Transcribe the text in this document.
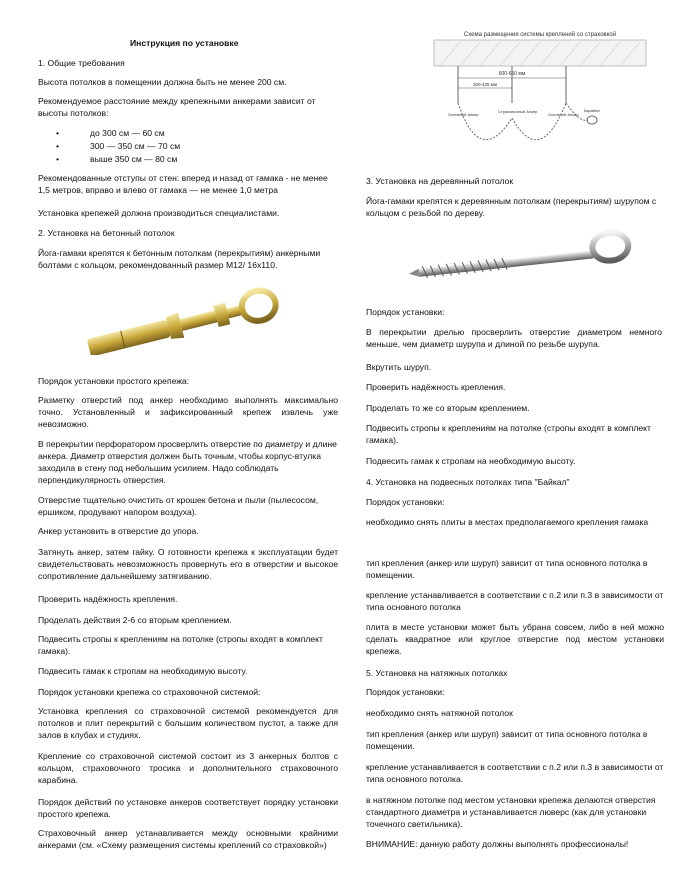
Инструкция по установке
1. Общие требования
Высота потолков в помещении должна быть не менее 200 см.
Рекомендуемое расстояние между крепежными анкерами зависит от высоты потолков:
• до 300 см — 60 см
• 300 — 350 см — 70 см
• выше 350 см — 80 см
Рекомендованные отступы от стен: вперед и назад от гамака - не менее 1,5 метров, вправо и влево от гамака — не менее 1,0 метра
Установка крепежей должна производиться специалистами.
2. Установка на бетонный потолок
Йога-гамаки крепятся к бетонным потолкам (перекрытиям) анкерными болтами с кольцом, рекомендованный размер М12/ 16х110.
Порядок установки простого крепежа:
Разметку отверстий под анкер необходимо выполнять максимально точно. Установленный и зафиксированный крепеж извлечь уже невозможно.
В перекрытии перфоратором просверлить отверстие по диаметру и длине анкера. Диаметр отверстия должен быть точным, чтобы корпус-втулка заходила в стену под небольшим усилием. Надо соблюдать перпендикулярность отверстия.
Отверстие тщательно очистить от крошек бетона и пыли (пылесосом, ершиком, продувают напором воздуха).
Анкер установить в отверстие до упора.
Затянуть анкер, затем гайку. О готовности крепежа к эксплуатации будет свидетельствовать невозможность провернуть его в отверстии и высокое сопротивление дальнейшему затягиванию.
Проверить надёжность крепления.
Проделать действия 2-6 со вторым креплением.
Подвесить стропы к креплениям на потолке (стропы входят в комплект гамака).
Подвесить гамак к стропам на необходимую высоту.
Порядок установки крепежа со страховочной системой:
Установка крепления со страховочной системой рекомендуется для потолков и плит перекрытий с большим количеством пустот, а также для залов в клубах и студиях.
Крепление со страховочной системой состоит из 3 анкерных болтов с кольцом, страховочного тросика и дополнительного страховочного карабина.
Порядок действий по установке анкеров соответствует порядку установки простого крепежа.
Страховочный анкер устанавливается между основными крайними анкерами (см. «Схему размещения системы креплений со страховкой»)
Схема размещения системы креплений со страховкой
600-650 мм
300-325 мм
Основной Анкер
Страховочный Анкер
Основной Анкер
Карабин
3. Установка на деревянный потолок
Йога-гамаки крепятся к деревянным потолкам (перекрытиям) шурупом с кольцом с резьбой по дереву.
Порядок установки:
В перекрытии дрелью просверлить отверстие диаметром немного меньше, чем диаметр шурупа и длиной по резьбе шурупа.
Вкрутить шуруп.
Проверить надёжность крепления.
Проделать то же со вторым креплением.
Подвесить стропы к креплениям на потолке (стропы входят в комплект гамака).
Подвесить гамак к стропам на необходимую высоту.
4. Установка на подвесных потолках типа "Байкал"
Порядок установки:
необходимо снять плиты в местах предполагаемого крепления гамака
тип крепления (анкер или шуруп) зависит от типа основного потолка в помещении.
крепление устанавливается в соответствии с п.2 или п.3 в зависимости от типа основного потолка
плита в месте установки может быть убрана совсем, либо в ней можно сделать квадратное или круглое отверстие под местом установки крепежа.
5. Установка на натяжных потолках
Порядок установки:
необходимо снять натяжной потолок
тип крепления (анкер или шуруп) зависит от типа основного потолка в помещении.
крепление устанавливается в соответствии с п.2 или п.3 в зависимости от типа основного потолка.
в натяжном потолке под местом установки крепежа делаются отверстия стандартного диаметра и устанавливается люверс (как для установки точечного светильника).
ВНИМАНИЕ: данную работу должны выполнять профессионалы!
